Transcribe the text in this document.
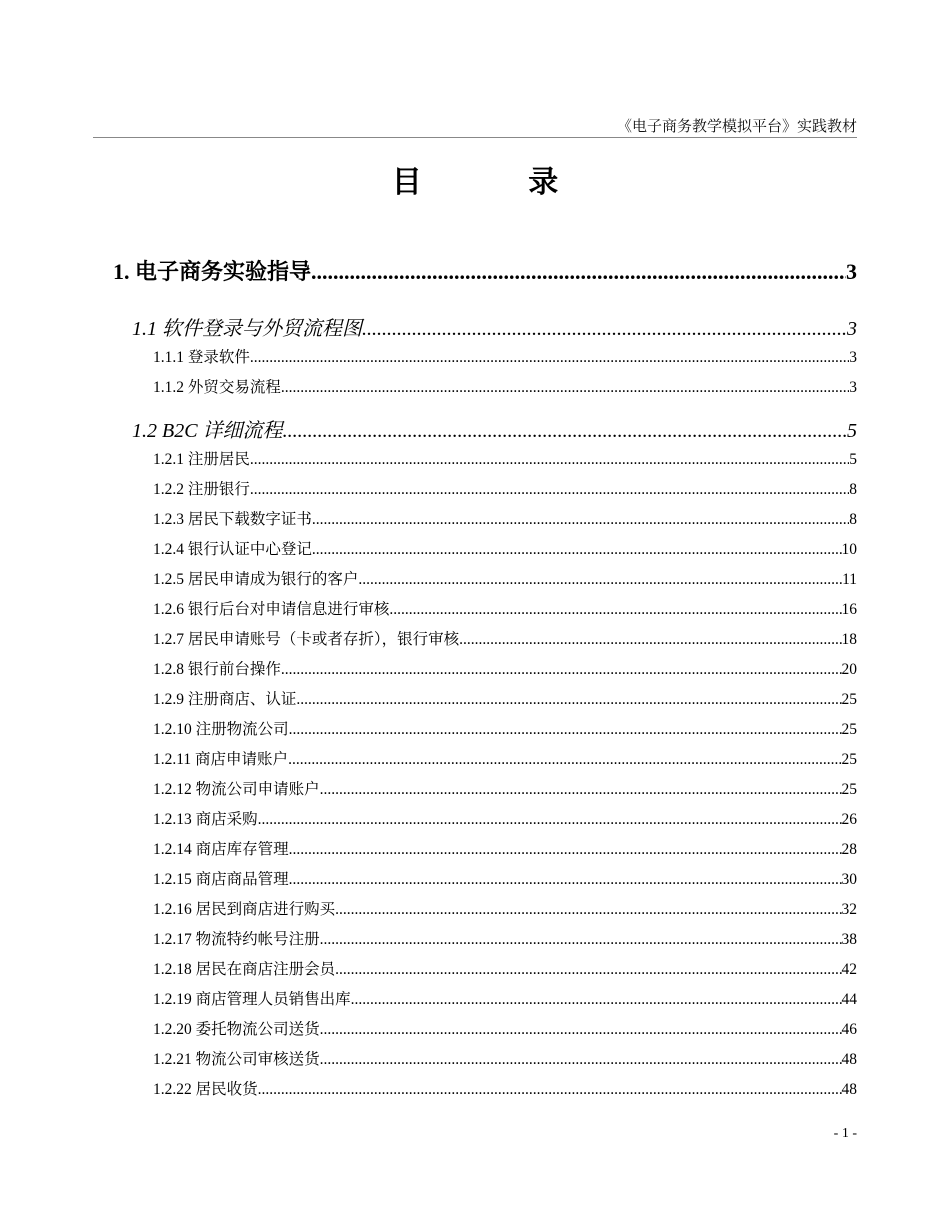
《电子商务教学模拟平台》实践教材
目 录
1. 电子商务实验指导 .....	3
1.1 软件登录与外贸流程图 .....	3
1.1.1 登录软件 .....	3
1.1.2 外贸交易流程 .....	3
1.2 B2C 详细流程 .....	5
1.2.1 注册居民 .....	5
1.2.2 注册银行 .....	8
1.2.3 居民下载数字证书 .....	8
1.2.4 银行认证中心登记 .....	10
1.2.5 居民申请成为银行的客户 .....	11
1.2.6 银行后台对申请信息进行审核 .....	16
1.2.7 居民申请账号（卡或者存折），银行审核 .....	18
1.2.8 银行前台操作 .....	20
1.2.9 注册商店、认证 .....	25
1.2.10 注册物流公司 .....	25
1.2.11 商店申请账户 .....	25
1.2.12 物流公司申请账户 .....	25
1.2.13 商店采购 .....	26
1.2.14 商店库存管理 .....	28
1.2.15 商店商品管理 .....	30
1.2.16 居民到商店进行购买 .....	32
1.2.17 物流特约帐号注册 .....	38
1.2.18 居民在商店注册会员 .....	42
1.2.19 商店管理人员销售出库 .....	44
1.2.20 委托物流公司送货 .....	46
1.2.21 物流公司审核送货 .....	48
1.2.22 居民收货 .....	48
- 1 -
